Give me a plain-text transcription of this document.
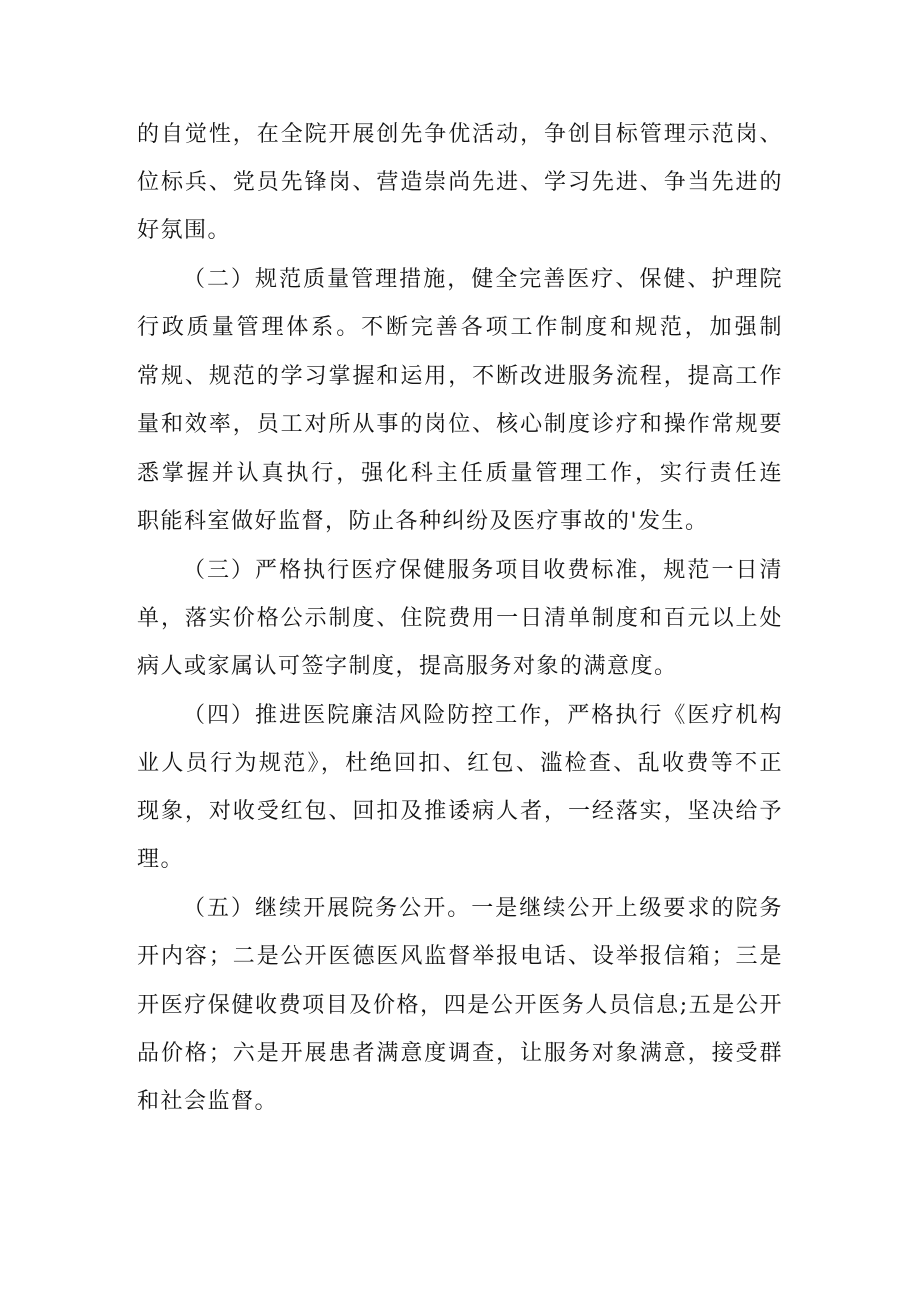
的自觉性，在全院开展创先争优活动，争创目标管理示范岗、
位标兵、党员先锋岗、营造崇尚先进、学习先进、争当先进的
好氛围。
（二）规范质量管理措施，健全完善医疗、保健、护理院
行政质量管理体系。不断完善各项工作制度和规范，加强制
常规、规范的学习掌握和运用，不断改进服务流程，提高工作
量和效率，员工对所从事的岗位、核心制度诊疗和操作常规要
悉掌握并认真执行，强化科主任质量管理工作，实行责任连
职能科室做好监督，防止各种纠纷及医疗事故的'发生。
（三）严格执行医疗保健服务项目收费标准，规范一日清
单，落实价格公示制度、住院费用一日清单制度和百元以上处
病人或家属认可签字制度，提高服务对象的满意度。
（四）推进医院廉洁风险防控工作，严格执行《医疗机构
业人员行为规范》，杜绝回扣、红包、滥检查、乱收费等不正
现象，对收受红包、回扣及推诿病人者，一经落实，坚决给予
理。
（五）继续开展院务公开。一是继续公开上级要求的院务
开内容；二是公开医德医风监督举报电话、设举报信箱；三是
开医疗保健收费项目及价格，四是公开医务人员信息;五是公开
品价格；六是开展患者满意度调查，让服务对象满意，接受群
和社会监督。
